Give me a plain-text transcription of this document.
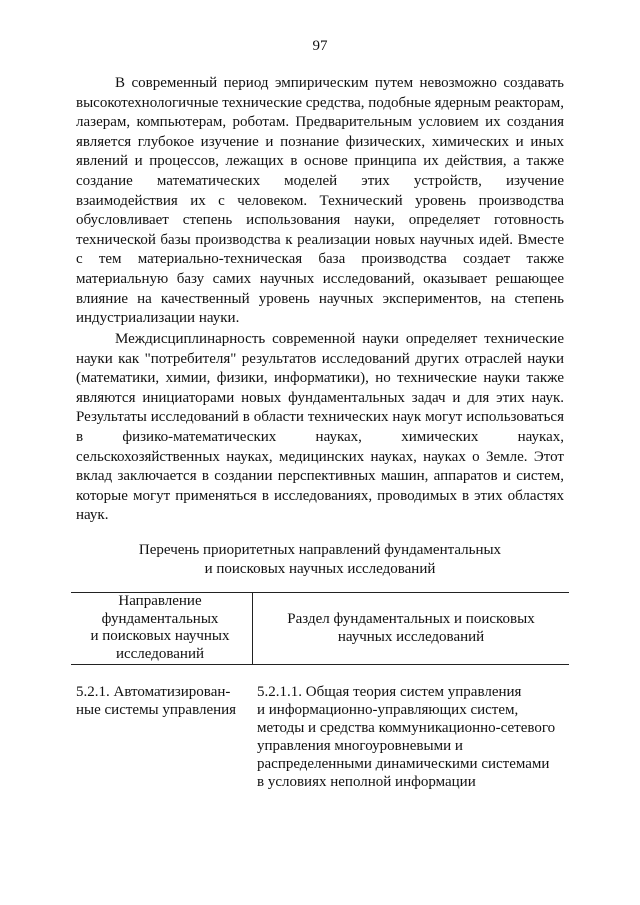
97

В современный период эмпирическим путем невозможно создавать высокотехнологичные технические средства, подобные ядерным реакторам, лазерам, компьютерам, роботам. Предварительным условием их создания является глубокое изучение и познание физических, химических и иных явлений и процессов, лежащих в основе принципа их действия, а также создание математических моделей этих устройств, изучение взаимодействия их с человеком. Технический уровень производства обусловливает степень использования науки, определяет готовность технической базы производства к реализации новых научных идей. Вместе с тем материально-техническая база производства создает также материальную базу самих научных исследований, оказывает решающее влияние на качественный уровень научных экспериментов, на степень индустриализации науки.

Междисциплинарность современной науки определяет технические науки как "потребителя" результатов исследований других отраслей науки (математики, химии, физики, информатики), но технические науки также являются инициаторами новых фундаментальных задач и для этих наук. Результаты исследований в области технических наук могут использоваться в физико-математических науках, химических науках, сельскохозяйственных науках, медицинских науках, науках о Земле. Этот вклад заключается в создании перспективных машин, аппаратов и систем, которые могут применяться в исследованиях, проводимых в этих областях наук.

Перечень приоритетных направлений фундаментальных
и поисковых научных исследований
Направление
фундаментальных
и поисковых научных
исследований
Раздел фундаментальных и поисковых
научных исследований
5.2.1. Автоматизирован-
ные системы управления
5.2.1.1. Общая теория систем управления
и информационно-управляющих систем,
методы и средства коммуникационно-сетевого
управления многоуровневыми и
распределенными динамическими системами
в условиях неполной информации
